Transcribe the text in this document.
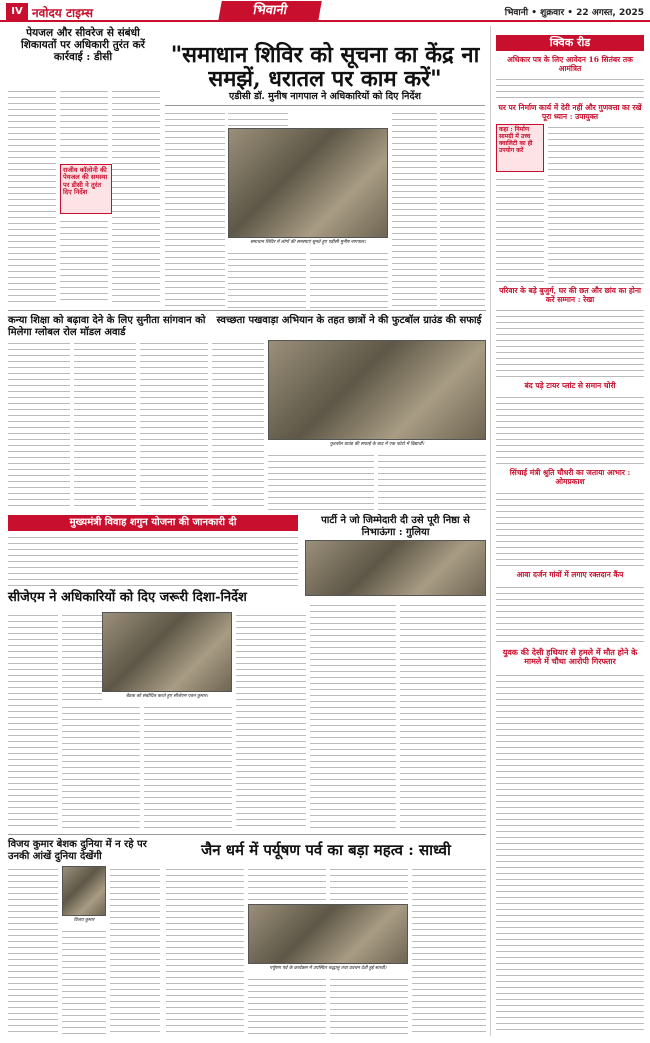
IV नवोदय टाइम्स	भिवानी	भिवानी • शुक्रवार • 22 अगस्त, 2025
पेयजल और सीवरेज से संबंधी शिकायतों पर अधिकारी तुरंत करें कार्रवाई : डीसी
राजीव कॉलोनी की पेयजल की समस्या पर डीसी ने तुरंत दिए निर्देश
"समाधान शिविर को सूचना का केंद्र ना समझें, धरातल पर काम करें"
एडीसी डॉ. मुनीष नागपाल ने अधिकारियों को दिए निर्देश
समाधान शिविर में लोगों की समस्याएं सुनते हुए एडीसी मुनीष नागपाल।
क्विक रीड
अधिकार पत्र के लिए आवेदन 16 सितंबर तक आमंत्रित
घर पर निर्माण कार्य में देरी नहीं और गुणवत्ता का रखें पूरा ध्यान : उपायुक्त
कहा : निर्माण सामग्री में उच्च क्वालिटी का ही उपयोग करें
परिवार के बड़े बुजुर्ग, घर की छत और छांव का होना करें सम्मान : रेखा
बंद पड़े टायर प्लांट से समान चोरी
सिंचाई मंत्री श्रुति चौधरी का जताया आभार : ओमप्रकाश
आवा दर्जन गांवों में लगाए रक्तदान कैंप
युवक की देसी हथियार से हमले में मौत होने के मामले में चौथा आरोपी गिरफ्तार
कन्या शिक्षा को बढ़ावा देने के लिए सुनीता सांगवान को मिलेगा ग्लोबल रोल मॉडल अवार्ड
स्वच्छता पखवाड़ा अभियान के तहत छात्रों ने की फुटबॉल ग्राउंड की सफाई
फुटबॉल ग्राउंड की सफाई के बाद में एक फोटो में विद्यार्थी।
मुख्यमंत्री विवाह शगुन योजना की जानकारी दी	पार्टी ने जो जिम्मेदारी दी उसे पूरी निष्ठा से निभाऊंगा : गुलिया
सीजेएम ने अधिकारियों को दिए जरूरी दिशा-निर्देश
बैठक को संबोधित करते हुए सीजेएम पवन कुमार।
विजय कुमार बेशक दुनिया में न रहे पर उनकी आंखें दुनिया देखेंगी
विजय कुमार
जैन धर्म में पर्यूषण पर्व का बड़ा महत्व : साध्वी
पर्यूषण पर्व के कार्यक्रम में उपस्थित श्रद्धालु तथा प्रवचन देती हुई साध्वी।
